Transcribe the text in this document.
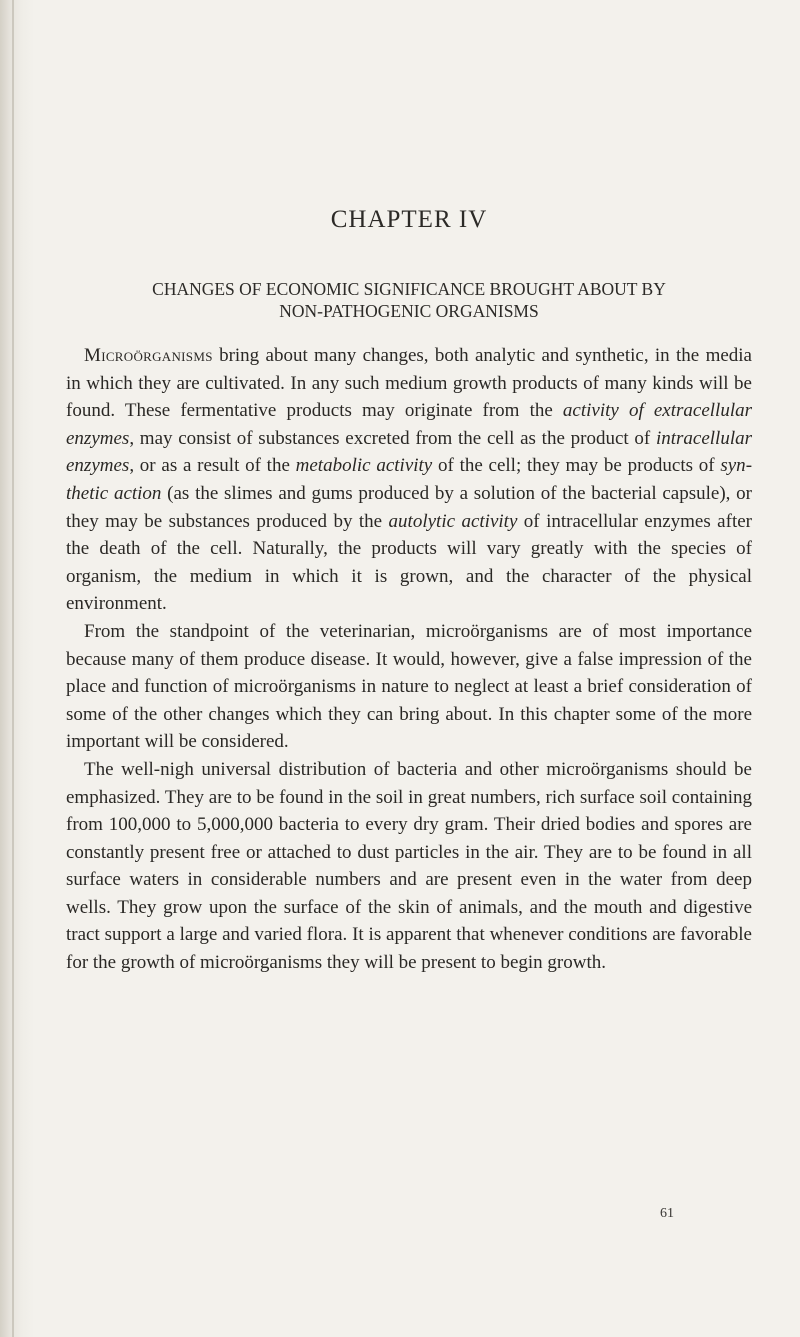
CHAPTER IV
CHANGES OF ECONOMIC SIGNIFICANCE BROUGHT ABOUT BY
NON-PATHOGENIC ORGANISMS

Microörganisms bring about many changes, both analytic and synthetic, in the media in which they are cultivated. In any such medium growth products of many kinds will be found. These fermentative products may originate from the activity of extracellular enzymes, may consist of substances excreted from the cell as the product of intracellular enzymes, or as a result of the metabolic activity of the cell; they may be products of synthetic action (as the slimes and gums produced by a solution of the bacterial capsule), or they may be substances produced by the autolytic activity of intracellular enzymes after the death of the cell. Naturally, the products will vary greatly with the species of organism, the medium in which it is grown, and the character of the physical environment.

From the standpoint of the veterinarian, microörganisms are of most importance because many of them produce disease. It would, however, give a false impression of the place and function of microörganisms in nature to neglect at least a brief consideration of some of the other changes which they can bring about. In this chapter some of the more important will be considered.

The well-nigh universal distribution of bacteria and other microörganisms should be emphasized. They are to be found in the soil in great numbers, rich surface soil containing from 100,000 to 5,000,000 bacteria to every dry gram. Their dried bodies and spores are constantly present free or attached to dust particles in the air. They are to be found in all surface waters in considerable numbers and are present even in the water from deep wells. They grow upon the surface of the skin of animals, and the mouth and digestive tract support a large and varied flora. It is apparent that whenever conditions are favorable for the growth of microörganisms they will be present to begin growth.

61
